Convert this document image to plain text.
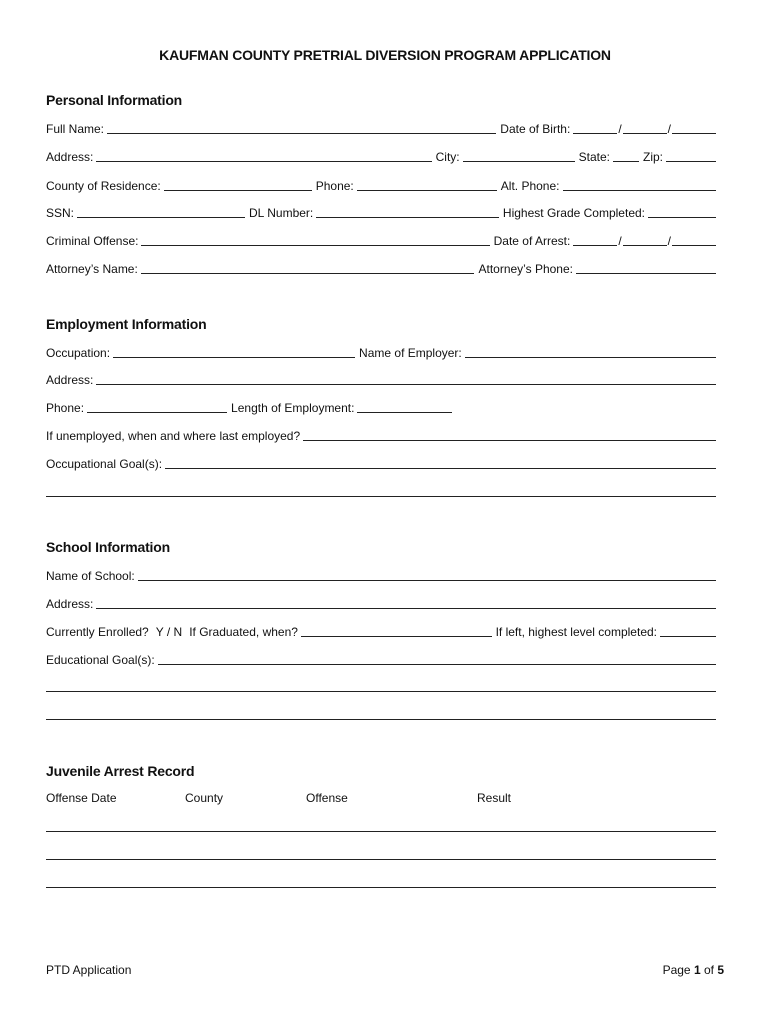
KAUFMAN COUNTY PRETRIAL DIVERSION PROGRAM APPLICATION
Personal Information
Full Name:	Date of Birth:	/	/
Address:	City:	State:	Zip:
County of Residence:	Phone:	Alt. Phone:
SSN:	DL Number:	Highest Grade Completed:
Criminal Offense:	Date of Arrest:	/	/
Attorney’s Name:	Attorney’s Phone:
Employment Information
Occupation:	Name of Employer:
Address:
Phone:	Length of Employment:
If unemployed, when and where last employed?
Occupational Goal(s):
School Information
Name of School:
Address:
Currently Enrolled? Y / N If Graduated, when?	If left, highest level completed:
Educational Goal(s):
Juvenile Arrest Record
Offense Date	County	Offense	Result
PTD Application	Page 1 of 5
